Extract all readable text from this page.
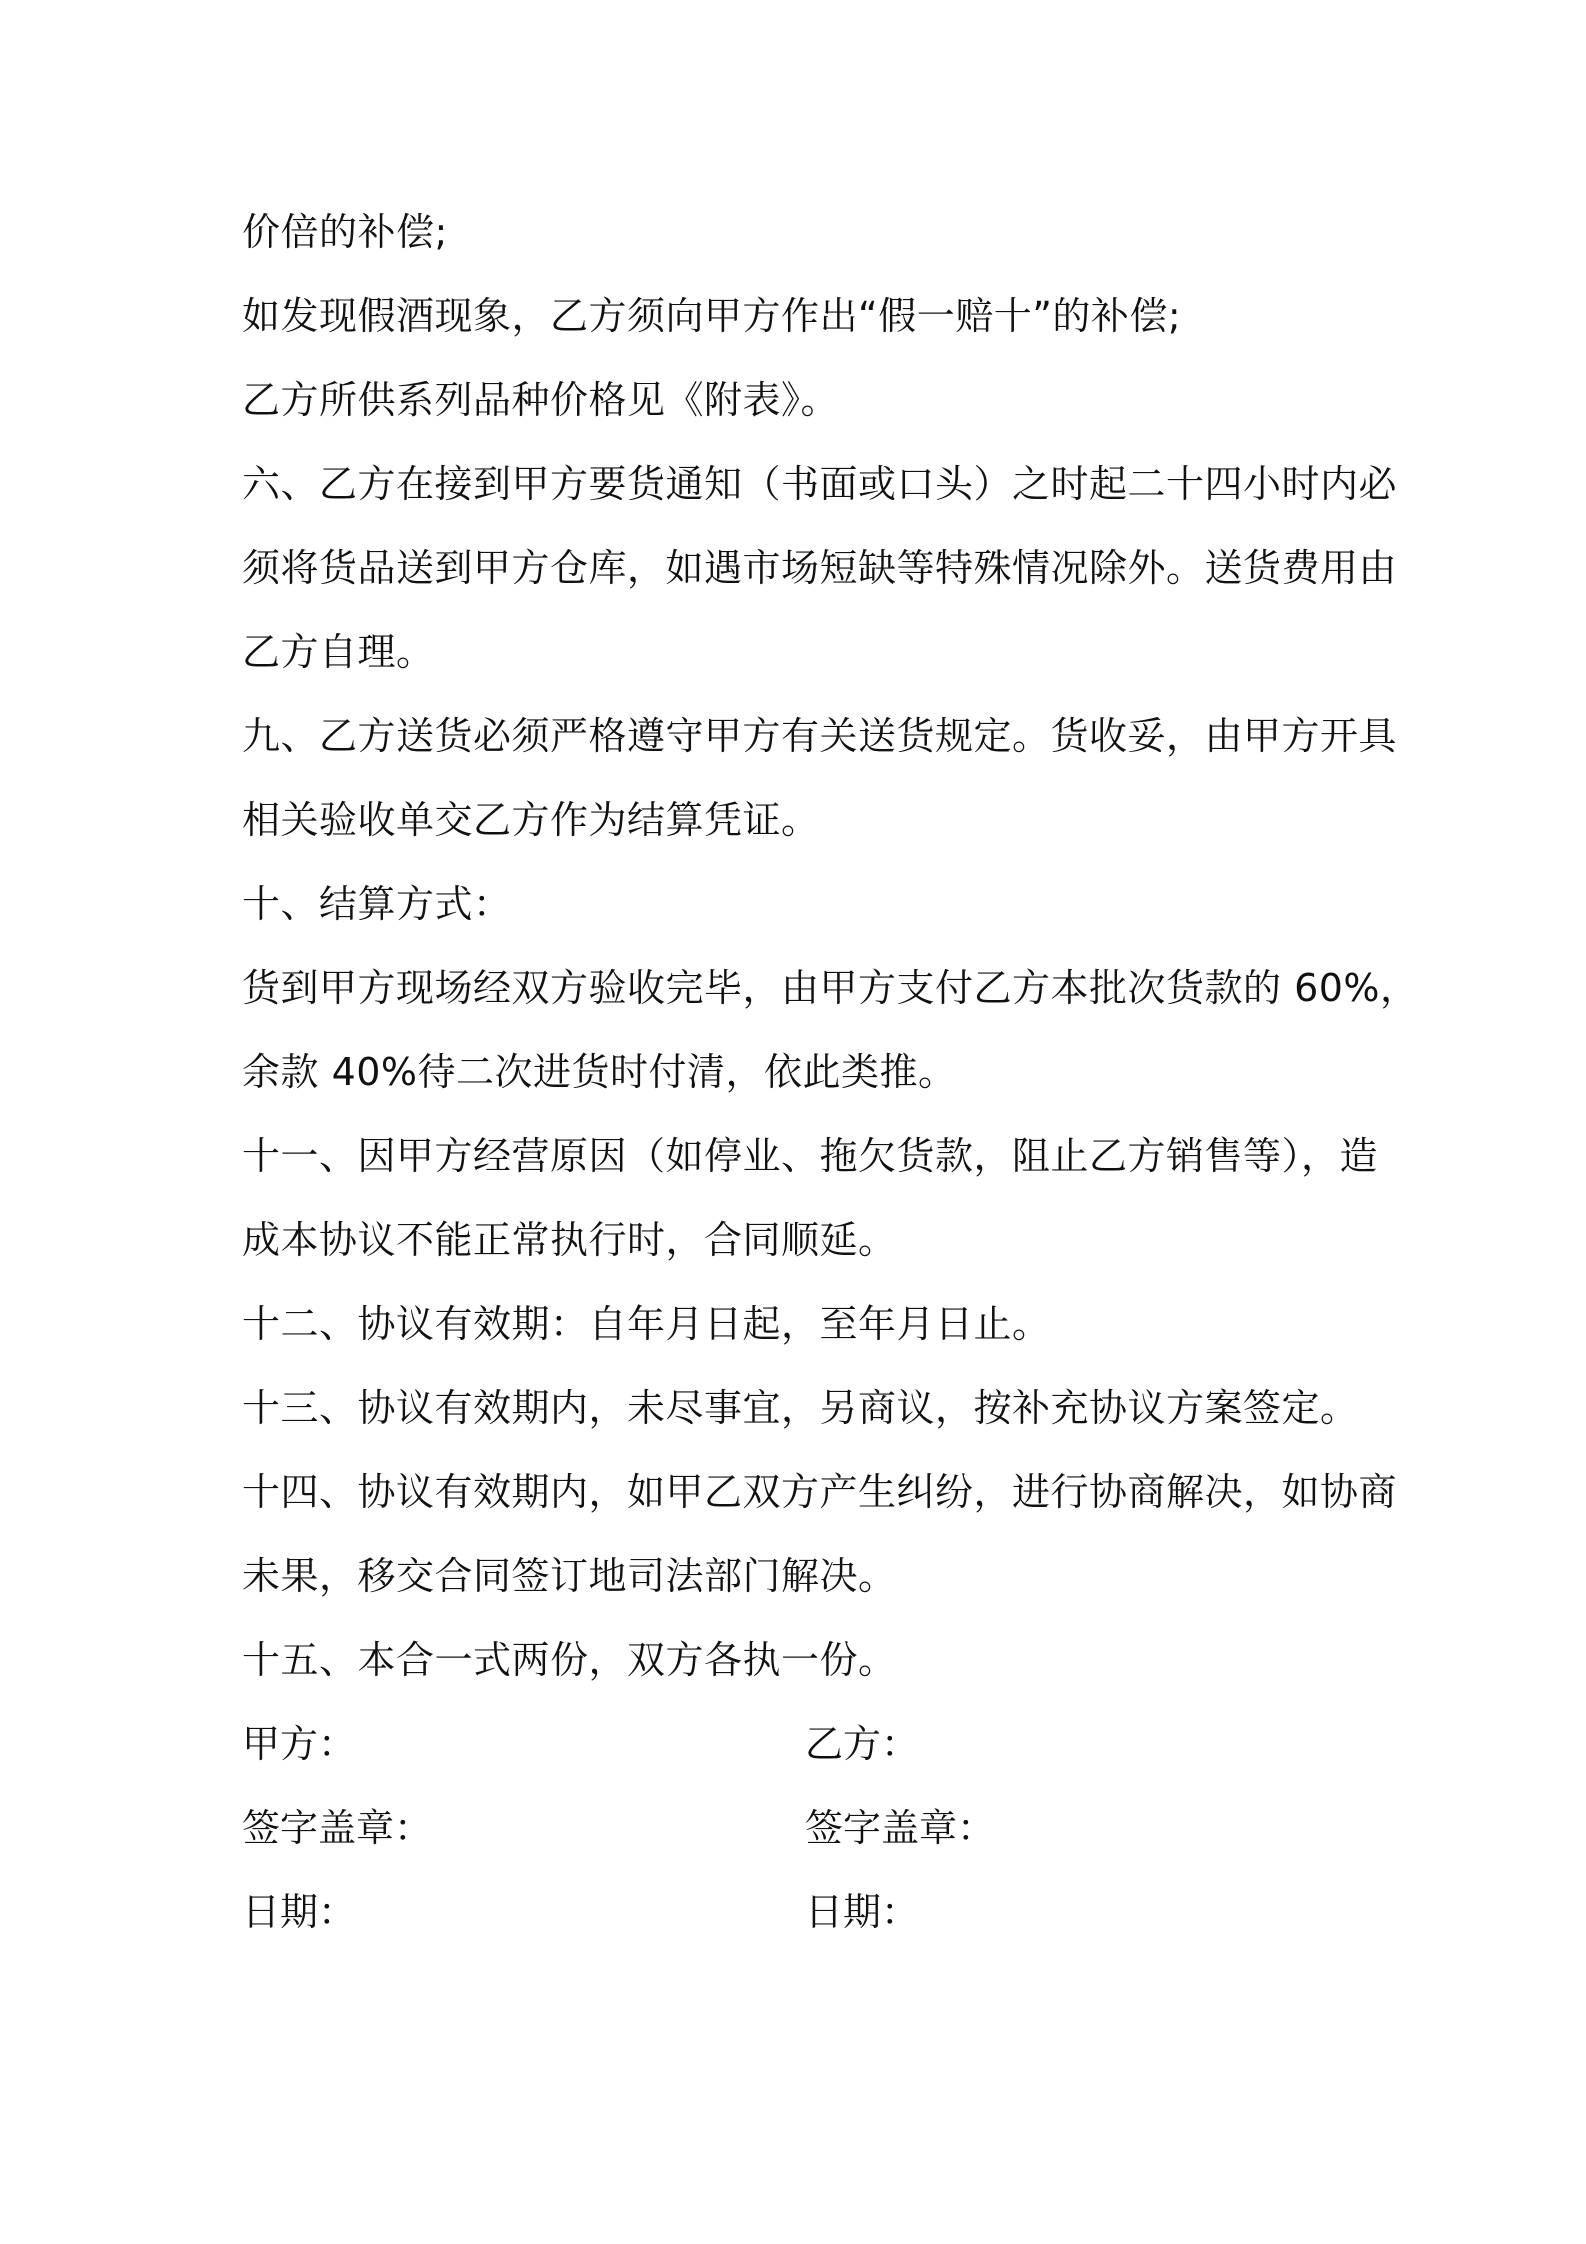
价倍的补偿;
如发现假酒现象，乙方须向甲方作出“假一赔十”的补偿;
乙方所供系列品种价格见《附表》。
六、乙方在接到甲方要货通知（书面或口头）之时起二十四小时内必
须将货品送到甲方仓库，如遇市场短缺等特殊情况除外。送货费用由
乙方自理。
九、乙方送货必须严格遵守甲方有关送货规定。货收妥，由甲方开具
相关验收单交乙方作为结算凭证。
十、结算方式：
货到甲方现场经双方验收完毕，由甲方支付乙方本批次货款的 60%，
余款 40%待二次进货时付清，依此类推。
十一、因甲方经营原因（如停业、拖欠货款，阻止乙方销售等），造
成本协议不能正常执行时，合同顺延。
十二、协议有效期：自年月日起，至年月日止。
十三、协议有效期内，未尽事宜，另商议，按补充协议方案签定。
十四、协议有效期内，如甲乙双方产生纠纷，进行协商解决，如协商
未果，移交合同签订地司法部门解决。
十五、本合一式两份，双方各执一份。
甲方：	乙方：
签字盖章：	签字盖章：
日期：	日期：
